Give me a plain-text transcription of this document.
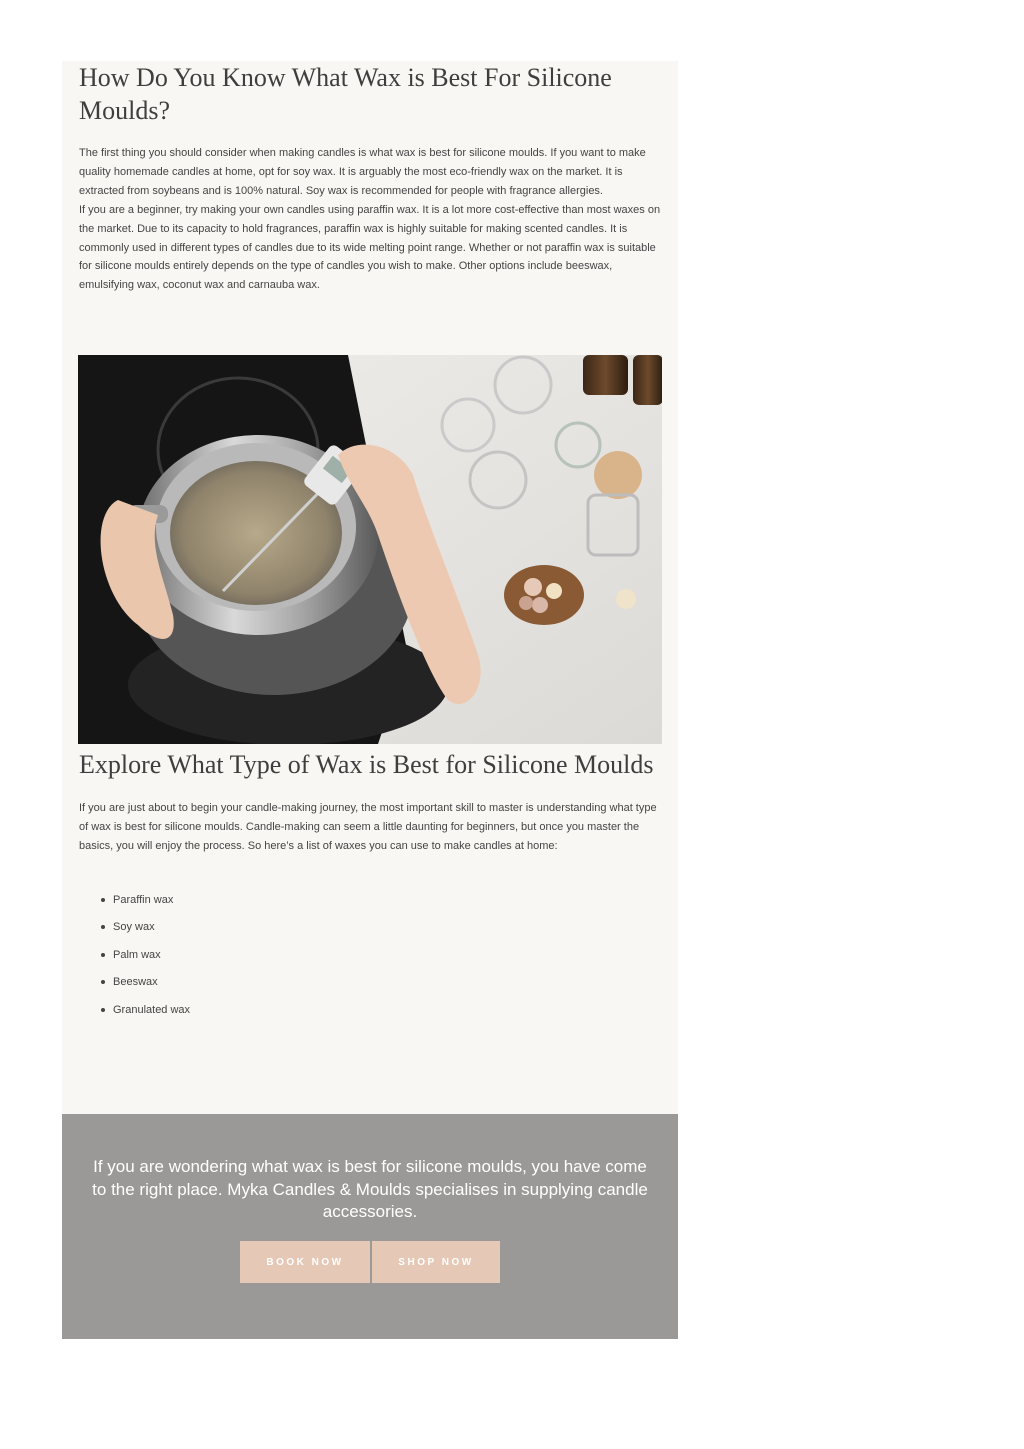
How Do You Know What Wax is Best For Silicone Moulds?
The first thing you should consider when making candles is what wax is best for silicone moulds. If you want to make quality homemade candles at home, opt for soy wax. It is arguably the most eco-friendly wax on the market. It is extracted from soybeans and is 100% natural. Soy wax is recommended for people with fragrance allergies.
If you are a beginner, try making your own candles using paraffin wax. It is a lot more cost-effective than most waxes on the market. Due to its capacity to hold fragrances, paraffin wax is highly suitable for making scented candles. It is commonly used in different types of candles due to its wide melting point range. Whether or not paraffin wax is suitable for silicone moulds entirely depends on the type of candles you wish to make. Other options include beeswax, emulsifying wax, coconut wax and carnauba wax.
Explore What Type of Wax is Best for Silicone Moulds

If you are just about to begin your candle-making journey, the most important skill to master is understanding what type of wax is best for silicone moulds. Candle-making can seem a little daunting for beginners, but once you master the basics, you will enjoy the process. So here’s a list of waxes you can use to make candles at home:

Paraffin wax
Soy wax
Palm wax
Beeswax
Granulated wax

If you are wondering what wax is best for silicone moulds, you have come to the right place. Myka Candles & Moulds specialises in supplying candle accessories.

BOOK NOW	SHOP NOW
